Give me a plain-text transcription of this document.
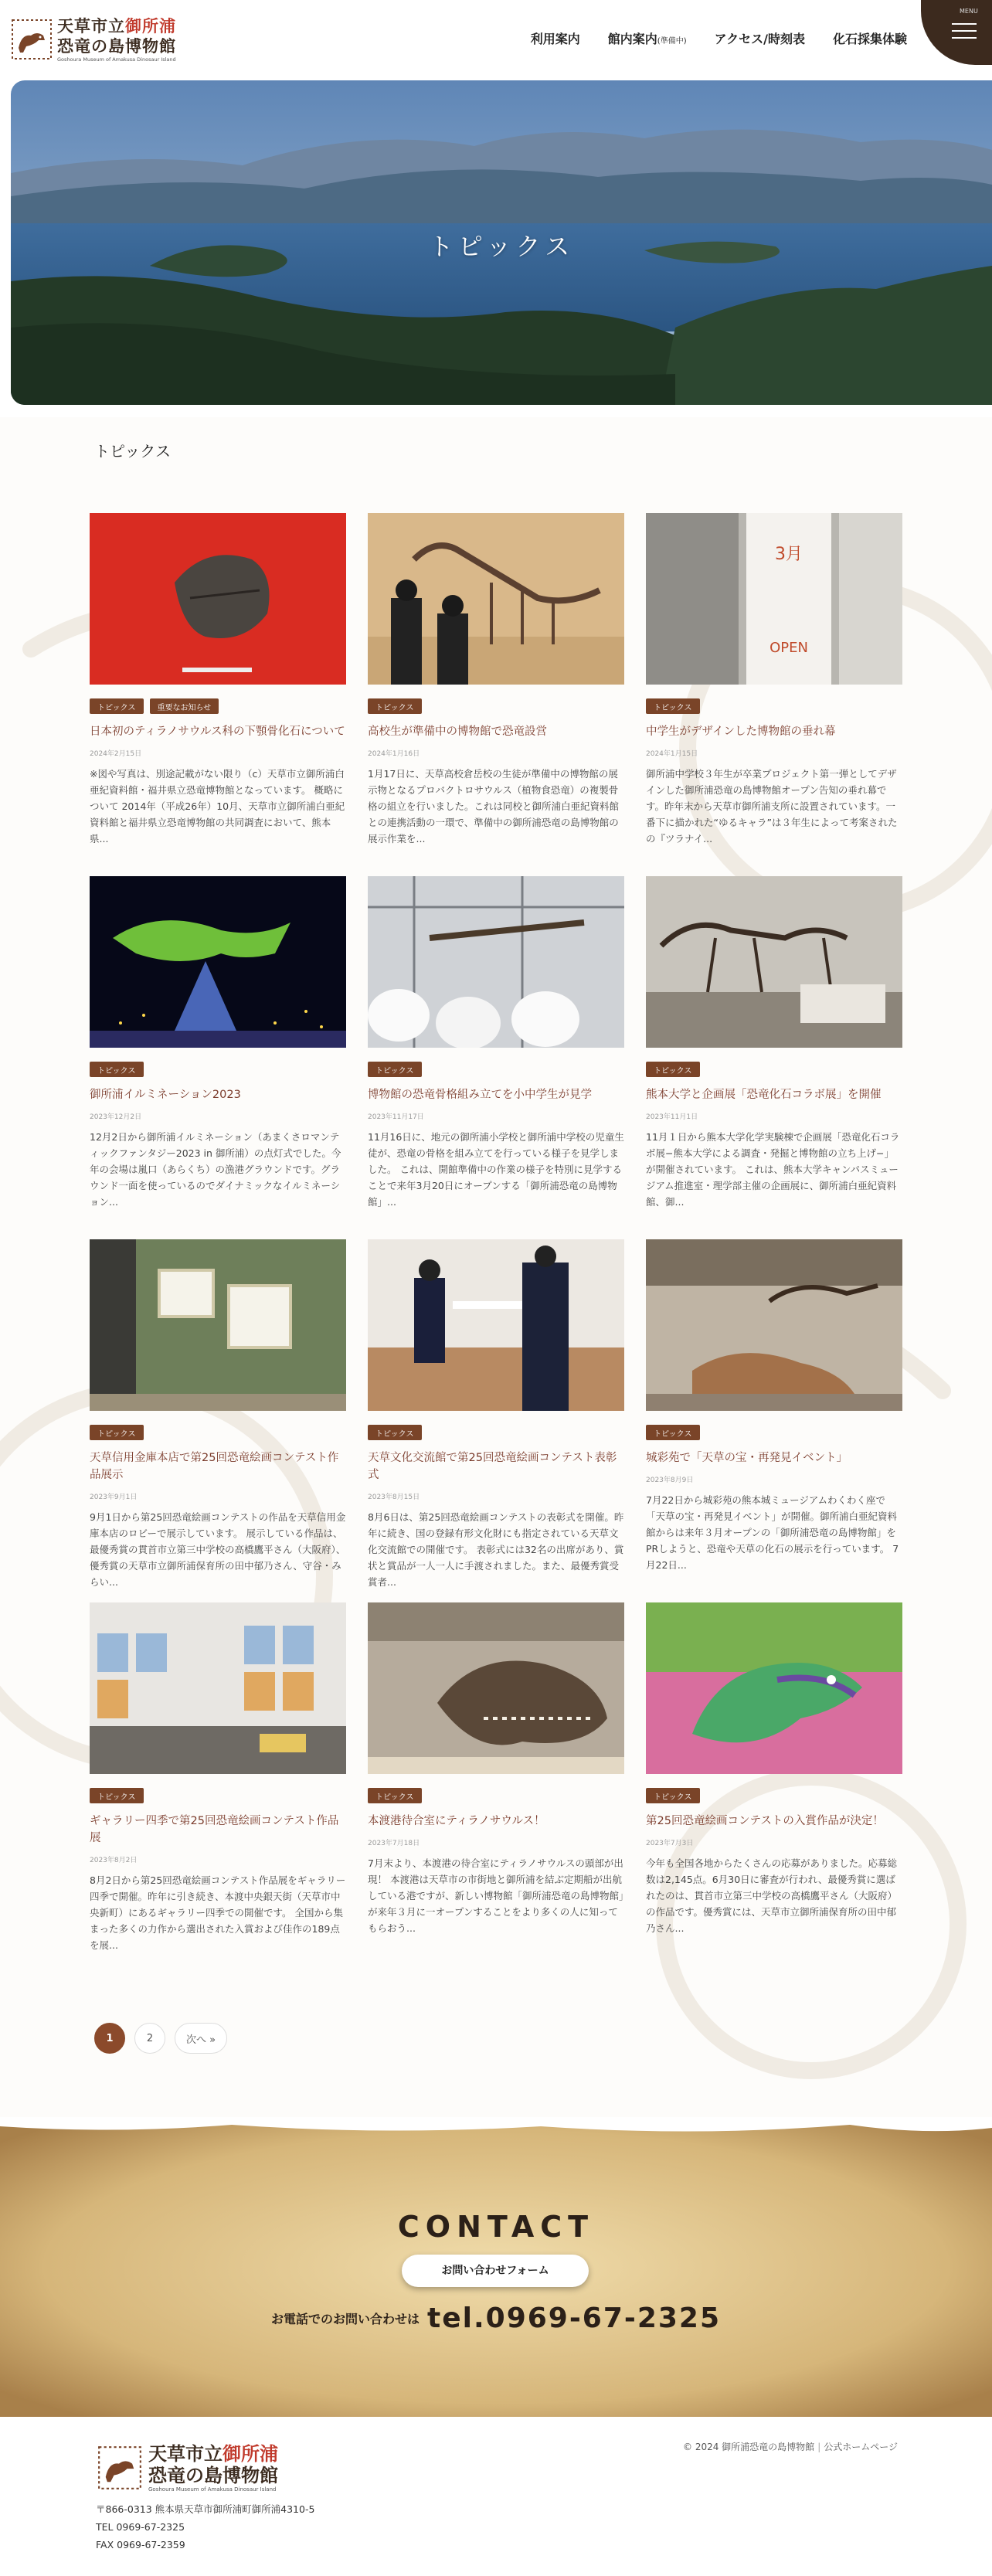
天草市立御所浦
恐竜の島博物館
Goshoura Museum of Amakusa Dinosaur Island
利用案内 館内案内(準備中) アクセス/時刻表 化石採集体験
MENU
トピックス
トピックス
トピックス	重要なお知らせ
日本初のティラノサウルス科の下顎骨化石について
2024年2月15日
※図や写真は、別途記載がない限り（c）天草市立御所浦白亜紀資料館・福井県立恐竜博物館となっています。 概略について 2014年（平成26年）10月、天草市立御所浦白亜紀資料館と福井県立恐竜博物館の共同調査において、熊本県...
トピックス
高校生が準備中の博物館で恐竜設営
2024年1月16日
1月17日に、天草高校倉岳校の生徒が準備中の博物館の展示物となるプロバクトロサウルス（植物食恐竜）の複製骨格の組立を行いました。これは同校と御所浦白亜紀資料館との連携活動の一環で、準備中の御所浦恐竜の島博物館の展示作業を...
3月
OPEN
トピックス
中学生がデザインした博物館の垂れ幕
2024年1月15日
御所浦中学校３年生が卒業プロジェクト第一弾としてデザインした御所浦恐竜の島博物館オープン告知の垂れ幕です。昨年末から天草市御所浦支所に設置されています。一番下に描かれた“ゆるキャラ”は３年生によって考案されたの『ツラナイ...
トピックス
御所浦イルミネーション2023
2023年12月2日
12月2日から御所浦イルミネーション（あまくさロマンティックファンタジー2023 in 御所浦）の点灯式でした。今年の会場は嵐口（あらくち）の漁港グラウンドです。グラウンド一面を使っているのでダイナミックなイルミネーション...
トピックス
博物館の恐竜骨格組み立てを小中学生が見学
2023年11月17日
11月16日に、地元の御所浦小学校と御所浦中学校の児童生徒が、恐竜の骨格を組み立てを行っている様子を見学しました。 これは、開館準備中の作業の様子を特別に見学することで来年3月20日にオープンする「御所浦恐竜の島博物館」...
トピックス
熊本大学と企画展「恐竜化石コラボ展」を開催
2023年11月1日
11月１日から熊本大学化学実験棟で企画展「恐竜化石コラボ展−熊本大学による調査・発掘と博物館の立ち上げ−」が開催されています。 これは、熊本大学キャンパスミュージアム推進室・理学部主催の企画展に、御所浦白亜紀資料館、御...
トピックス
天草信用金庫本店で第25回恐竜絵画コンテスト作品展示
2023年9月1日
9月1日から第25回恐竜絵画コンテストの作品を天草信用金庫本店のロビーで展示しています。 展示している作品は、最優秀賞の貫首市立第三中学校の高橋鷹平さん（大阪府）、優秀賞の天草市立御所浦保育所の田中郁乃さん、守谷・みらい...
トピックス
天草文化交流館で第25回恐竜絵画コンテスト表彰式
2023年8月15日
8月6日は、第25回恐竜絵画コンテストの表彰式を開催。昨年に続き、国の登録有形文化財にも指定されている天草文化交流館での開催です。 表彰式には32名の出席があり、賞状と賞品が一人一人に手渡されました。また、最優秀賞受賞者...
トピックス
城彩苑で「天草の宝・再発見イベント」
2023年8月9日
7月22日から城彩苑の熊本城ミュージアムわくわく座で「天草の宝・再発見イベント」が開催。御所浦白亜紀資料館からは来年３月オープンの「御所浦恐竜の島博物館」をPRしようと、恐竜や天草の化石の展示を行っています。 7月22日...
トピックス
ギャラリー四季で第25回恐竜絵画コンテスト作品展
2023年8月2日
8月2日から第25回恐竜絵画コンテスト作品展をギャラリー四季で開催。昨年に引き続き、本渡中央銀天街（天草市中央新町）にあるギャラリー四季での開催です。 全国から集まった多くの力作から選出された入賞および佳作の189点を展...
トピックス
本渡港待合室にティラノサウルス！
2023年7月18日
7月末より、本渡港の待合室にティラノサウルスの頭部が出現！ 本渡港は天草市の市街地と御所浦を結ぶ定期船が出航している港ですが、新しい博物館「御所浦恐竜の島博物館」が来年３月に一オープンすることをより多くの人に知ってもらおう...
トピックス
第25回恐竜絵画コンテストの入賞作品が決定！
2023年7月3日
今年も全国各地からたくさんの応募がありました。応募総数は2,145点。6月30日に審査が行われ、最優秀賞に選ばれたのは、貫首市立第三中学校の高橋鷹平さん（大阪府）の作品です。優秀賞には、天草市立御所浦保育所の田中郁乃さん...
1	2	次へ »
CONTACT
お問い合わせフォーム
お電話でのお問い合わせは tel.0969-67-2325
天草市立御所浦
恐竜の島博物館
Goshoura Museum of Amakusa Dinosaur Island
〒866-0313 熊本県天草市御所浦町御所浦4310-5
TEL 0969-67-2325
FAX 0969-67-2359
© 2024 御所浦恐竜の島博物館 | 公式ホームページ
